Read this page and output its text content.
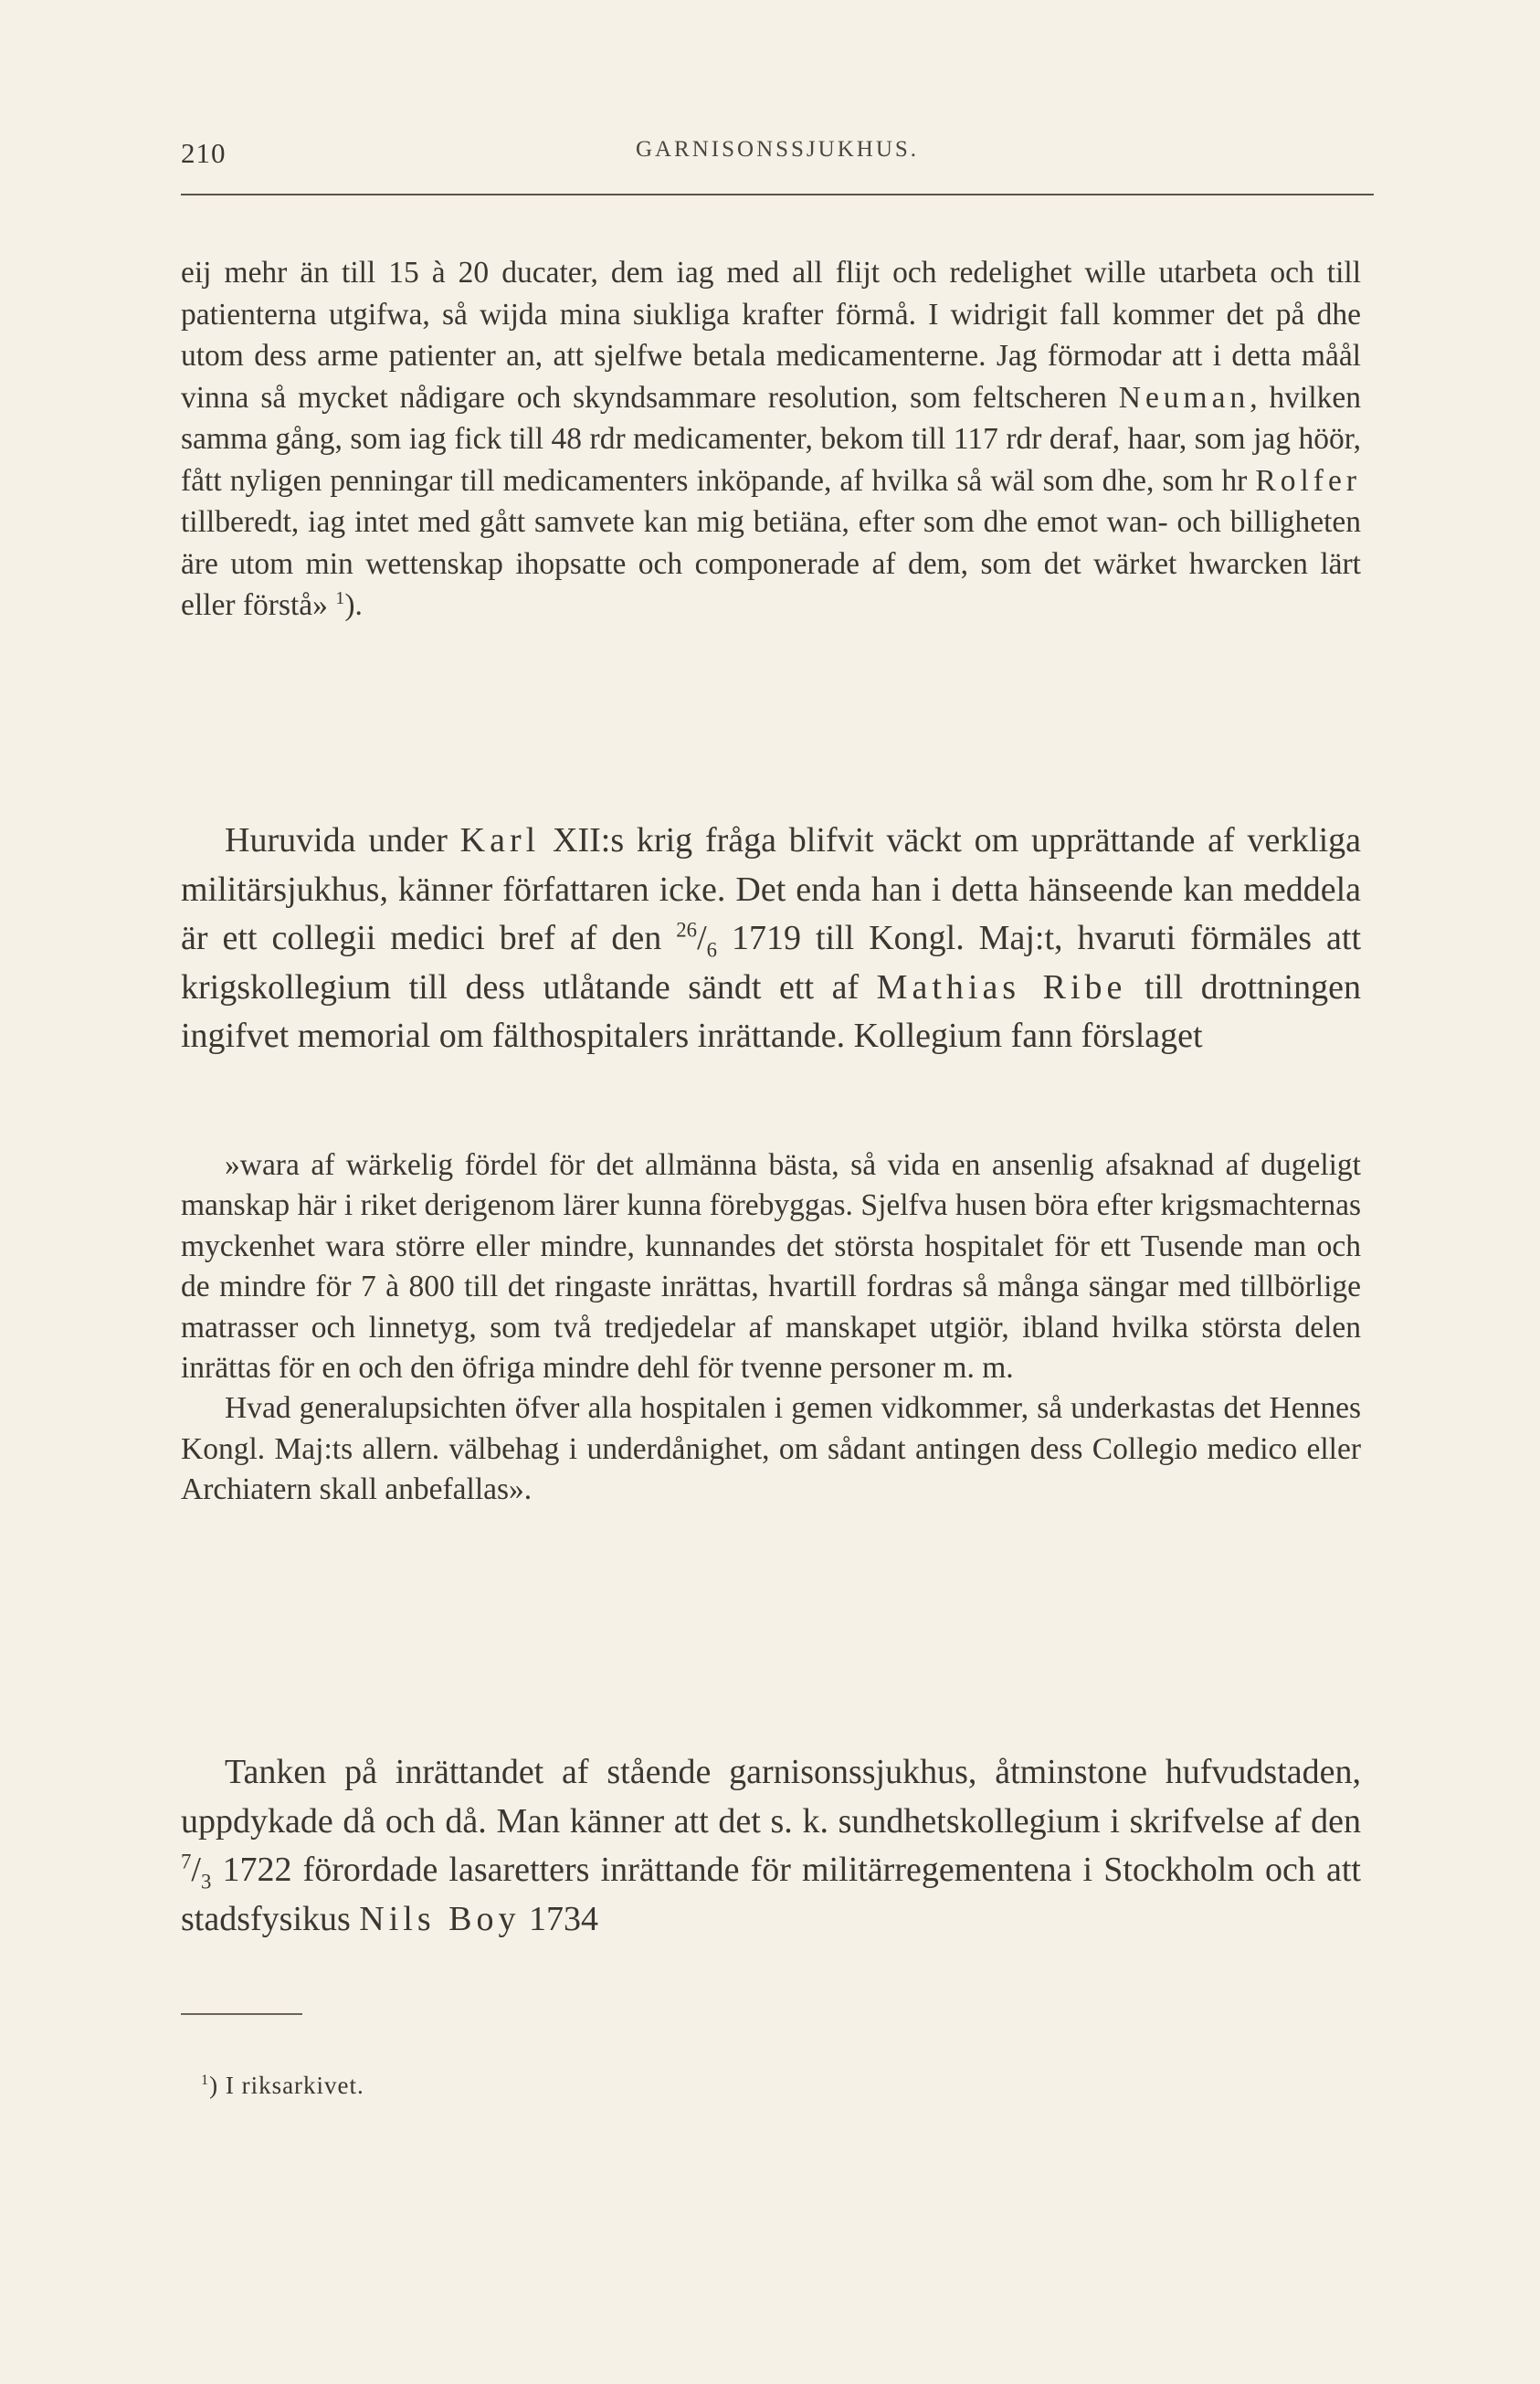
210	GARNISONSSJUKHUS.

eij mehr än till 15 à 20 ducater, dem iag med all flijt och redelighet wille utarbeta och till patienterna utgifwa, så wijda mina siukliga krafter förmå. I widrigit fall kommer det på dhe utom dess arme patienter an, att sjelfwe betala medicamenterne. Jag förmodar att i detta måål vinna så mycket nådigare och skyndsammare resolution, som feltscheren Neuman, hvilken samma gång, som iag fick till 48 rdr medicamenter, bekom till 117 rdr deraf, haar, som jag höör, fått nyligen penningar till medicamenters inköpande, af hvilka så wäl som dhe, som hr Rolfer tillberedt, iag intet med gått samvete kan mig betiäna, efter som dhe emot wan- och billigheten äre utom min wettenskap ihopsatte och componerade af dem, som det wärket hwarcken lärt eller förstå» $^1$).

Huruvida under Karl XII:s krig fråga blifvit väckt om upprättande af verkliga militärsjukhus, känner författaren icke. Det enda han i detta hänseende kan meddela är ett collegii medici bref af den $^{26}/_6$ 1719 till Kongl. Maj:t, hvaruti förmäles att krigskollegium till dess utlåtande sändt ett af Mathias Ribe till drottningen ingifvet memorial om fälthospitalers inrättande. Kollegium fann förslaget

»wara af wärkelig fördel för det allmänna bästa, så vida en ansenlig afsaknad af dugeligt manskap här i riket derigenom lärer kunna förebyggas. Sjelfva husen böra efter krigsmachternas myckenhet wara större eller mindre, kunnandes det största hospitalet för ett Tusende man och de mindre för 7 à 800 till det ringaste inrättas, hvartill fordras så många sängar med tillbörlige matrasser och linnetyg, som två tredjedelar af manskapet utgiör, ibland hvilka största delen inrättas för en och den öfriga mindre dehl för tvenne personer m. m.

Hvad generalupsichten öfver alla hospitalen i gemen vidkommer, så underkastas det Hennes Kongl. Maj:ts allern. välbehag i underdånighet, om sådant antingen dess Collegio medico eller Archiatern skall anbefallas».

Tanken på inrättandet af stående garnisonssjukhus, åtminstone hufvudstaden, uppdykade då och då. Man känner att det s. k. sundhetskollegium i skrifvelse af den $^7/_3$ 1722 förordade lasaretters inrättande för militärregementena i Stockholm och att stadsfysikus Nils Boy 1734

$^1$) I riksarkivet.
